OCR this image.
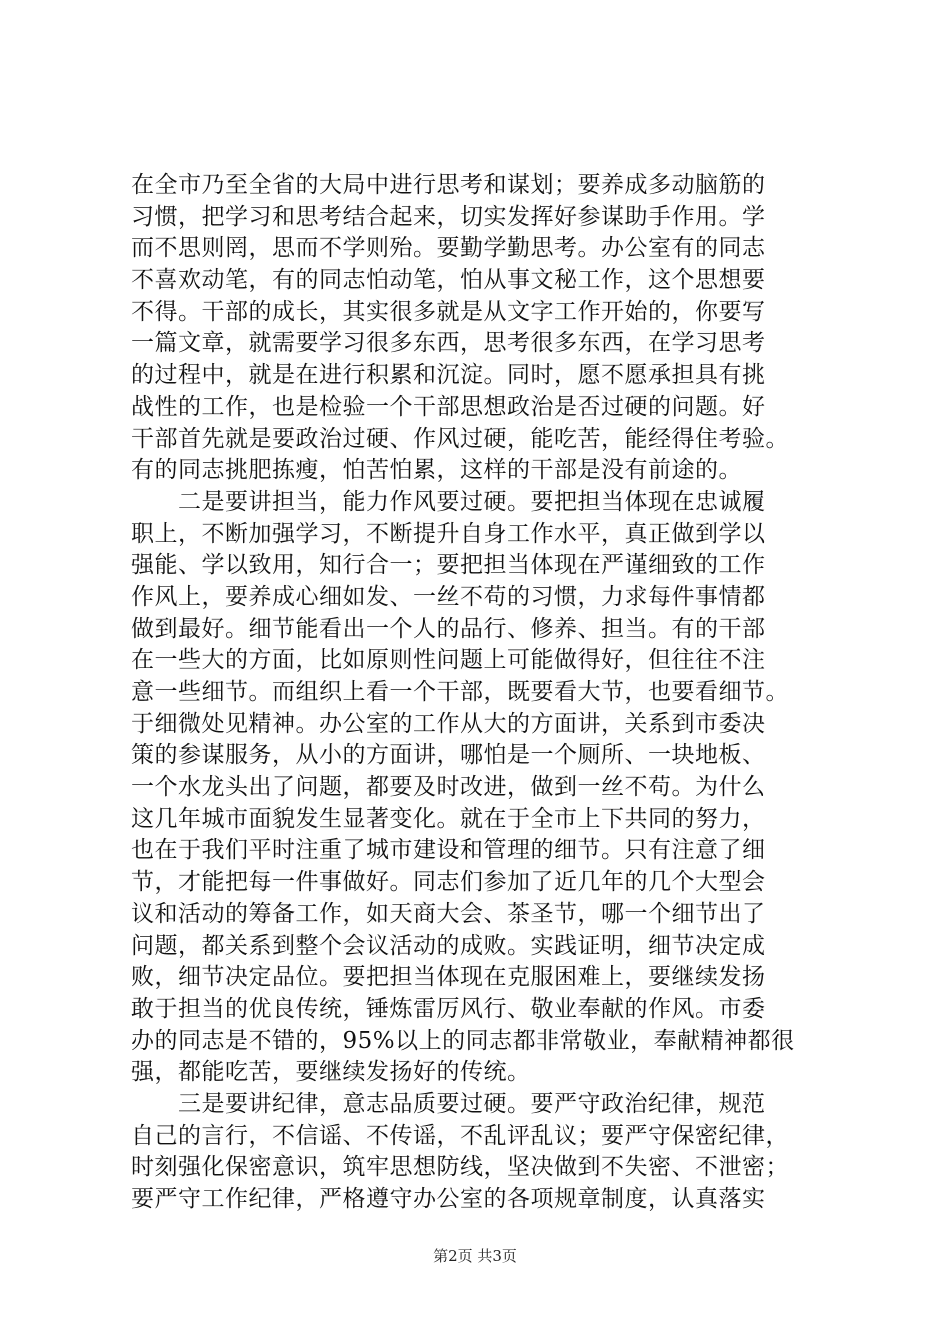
在全市乃至全省的大局中进行思考和谋划；要养成多动脑筋的
习惯，把学习和思考结合起来，切实发挥好参谋助手作用。学
而不思则罔，思而不学则殆。要勤学勤思考。办公室有的同志
不喜欢动笔，有的同志怕动笔，怕从事文秘工作，这个思想要
不得。干部的成长，其实很多就是从文字工作开始的，你要写
一篇文章，就需要学习很多东西，思考很多东西，在学习思考
的过程中，就是在进行积累和沉淀。同时，愿不愿承担具有挑
战性的工作，也是检验一个干部思想政治是否过硬的问题。好
干部首先就是要政治过硬、作风过硬，能吃苦，能经得住考验。
有的同志挑肥拣瘦，怕苦怕累，这样的干部是没有前途的。
　　二是要讲担当，能力作风要过硬。要把担当体现在忠诚履
职上，不断加强学习，不断提升自身工作水平，真正做到学以
强能、学以致用，知行合一；要把担当体现在严谨细致的工作
作风上，要养成心细如发、一丝不苟的习惯，力求每件事情都
做到最好。细节能看出一个人的品行、修养、担当。有的干部
在一些大的方面，比如原则性问题上可能做得好，但往往不注
意一些细节。而组织上看一个干部，既要看大节，也要看细节。
于细微处见精神。办公室的工作从大的方面讲，关系到市委决
策的参谋服务，从小的方面讲，哪怕是一个厕所、一块地板、
一个水龙头出了问题，都要及时改进，做到一丝不苟。为什么
这几年城市面貌发生显著变化。就在于全市上下共同的努力，
也在于我们平时注重了城市建设和管理的细节。只有注意了细
节，才能把每一件事做好。同志们参加了近几年的几个大型会
议和活动的筹备工作，如天商大会、茶圣节，哪一个细节出了
问题，都关系到整个会议活动的成败。实践证明，细节决定成
败，细节决定品位。要把担当体现在克服困难上，要继续发扬
敢于担当的优良传统，锤炼雷厉风行、敬业奉献的作风。市委
办的同志是不错的，95%以上的同志都非常敬业，奉献精神都很
强，都能吃苦，要继续发扬好的传统。
　　三是要讲纪律，意志品质要过硬。要严守政治纪律，规范
自己的言行，不信谣、不传谣，不乱评乱议；要严守保密纪律，
时刻强化保密意识，筑牢思想防线，坚决做到不失密、不泄密；
要严守工作纪律，严格遵守办公室的各项规章制度，认真落实
第2页 共3页
